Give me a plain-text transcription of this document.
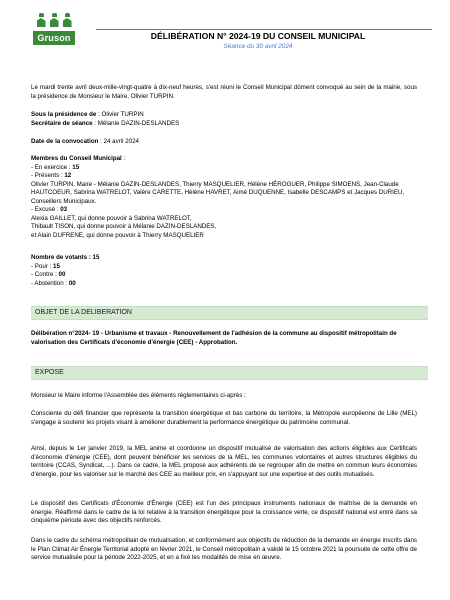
Gruson	DÉLIBÉRATION N° 2024-19 DU CONSEIL MUNICIPAL
Séance du 30 avril 2024
Le mardi trente avril deux-mille-vingt-quatre à dix-neuf heures, s'est réuni le Conseil Municipal dûment convoqué au sein de la mairie, sous la présidence de Monsieur le Maire, Olivier TURPIN.
Sous la présidence de : Olivier TURPIN
Secrétaire de séance : Mélanie DAZIN-DESLANDES
Date de la convocation : 24 avril 2024
Membres du Conseil Municipal :
- En exercice : 15
- Présents : 12
Olivier TURPIN, Maire - Mélanie DAZIN-DESLANDES, Thierry MASQUELIER, Hélène HÉROGUER, Philippe SIMOENS, Jean-Claude HAUTCOEUR, Sabrina WATRELOT, Valère CARETTE, Hélène HAVRET, Aimé DUQUENNE, Isabelle DESCAMPS et Jacques DURIEU, Conseillers Municipaux.
- Excusé : 03
Alexia GAILLET, qui donne pouvoir à Sabrina WATRELOT,
Thibault TISON, qui donne pouvoir à Mélanie DAZIN-DESLANDES,
et Alain DUFRENE, qui donne pouvoir à Thierry MASQUELIER
Nombre de votants : 15
- Pour : 15
- Contre : 00
- Abstention : 00
OBJET DE LA DELIBERATION
Délibération n°2024- 19 - Urbanisme et travaux - Renouvellement de l'adhésion de la commune au dispositif métropolitain de valorisation des Certificats d'économie d'énergie (CEE) - Approbation.
EXPOSE
Monsieur le Maire informe l'Assemblée des éléments réglementaires ci-après :
Consciente du défi financier que représente la transition énergétique et bas carbone du territoire, la Métropole européenne de Lille (MEL) s'engage à soutenir les projets visant à améliorer durablement la performance énergétique du patrimoine communal.
Ainsi, depuis le 1er janvier 2019, la MEL anime et coordonne un dispositif mutualisé de valorisation des actions éligibles aux Certificats d'économie d'énergie (CEE), dont peuvent bénéficier les services de la MEL, les communes volontaires et autres structures éligibles du territoire (CCAS, Syndicat, ...). Dans ce cadre, la MEL propose aux adhérents de se regrouper afin de mettre en commun leurs économies d'énergie, pour les valoriser sur le marché des CEE au meilleur prix, en s'appuyant sur une expertise et des outils mutualisés.
Le dispositif des Certificats d'Économie d'Énergie (CEE) est l'un des principaux instruments nationaux de maîtrise de la demande en énergie. Réaffirmé dans le cadre de la loi relative à la transition énergétique pour la croissance verte, ce dispositif national est entré dans sa cinquième période avec des objectifs renforcés.
Dans le cadre du schéma métropolitain de mutualisation, et conformément aux objectifs de réduction de la demande en énergie inscrits dans le Plan Climat Air Énergie Territorial adopté en février 2021, le Conseil métropolitain a validé le 15 octobre 2021 la poursuite de cette offre de service mutualisée pour la période 2022-2025, et en a fixé les modalités de mise en œuvre.
